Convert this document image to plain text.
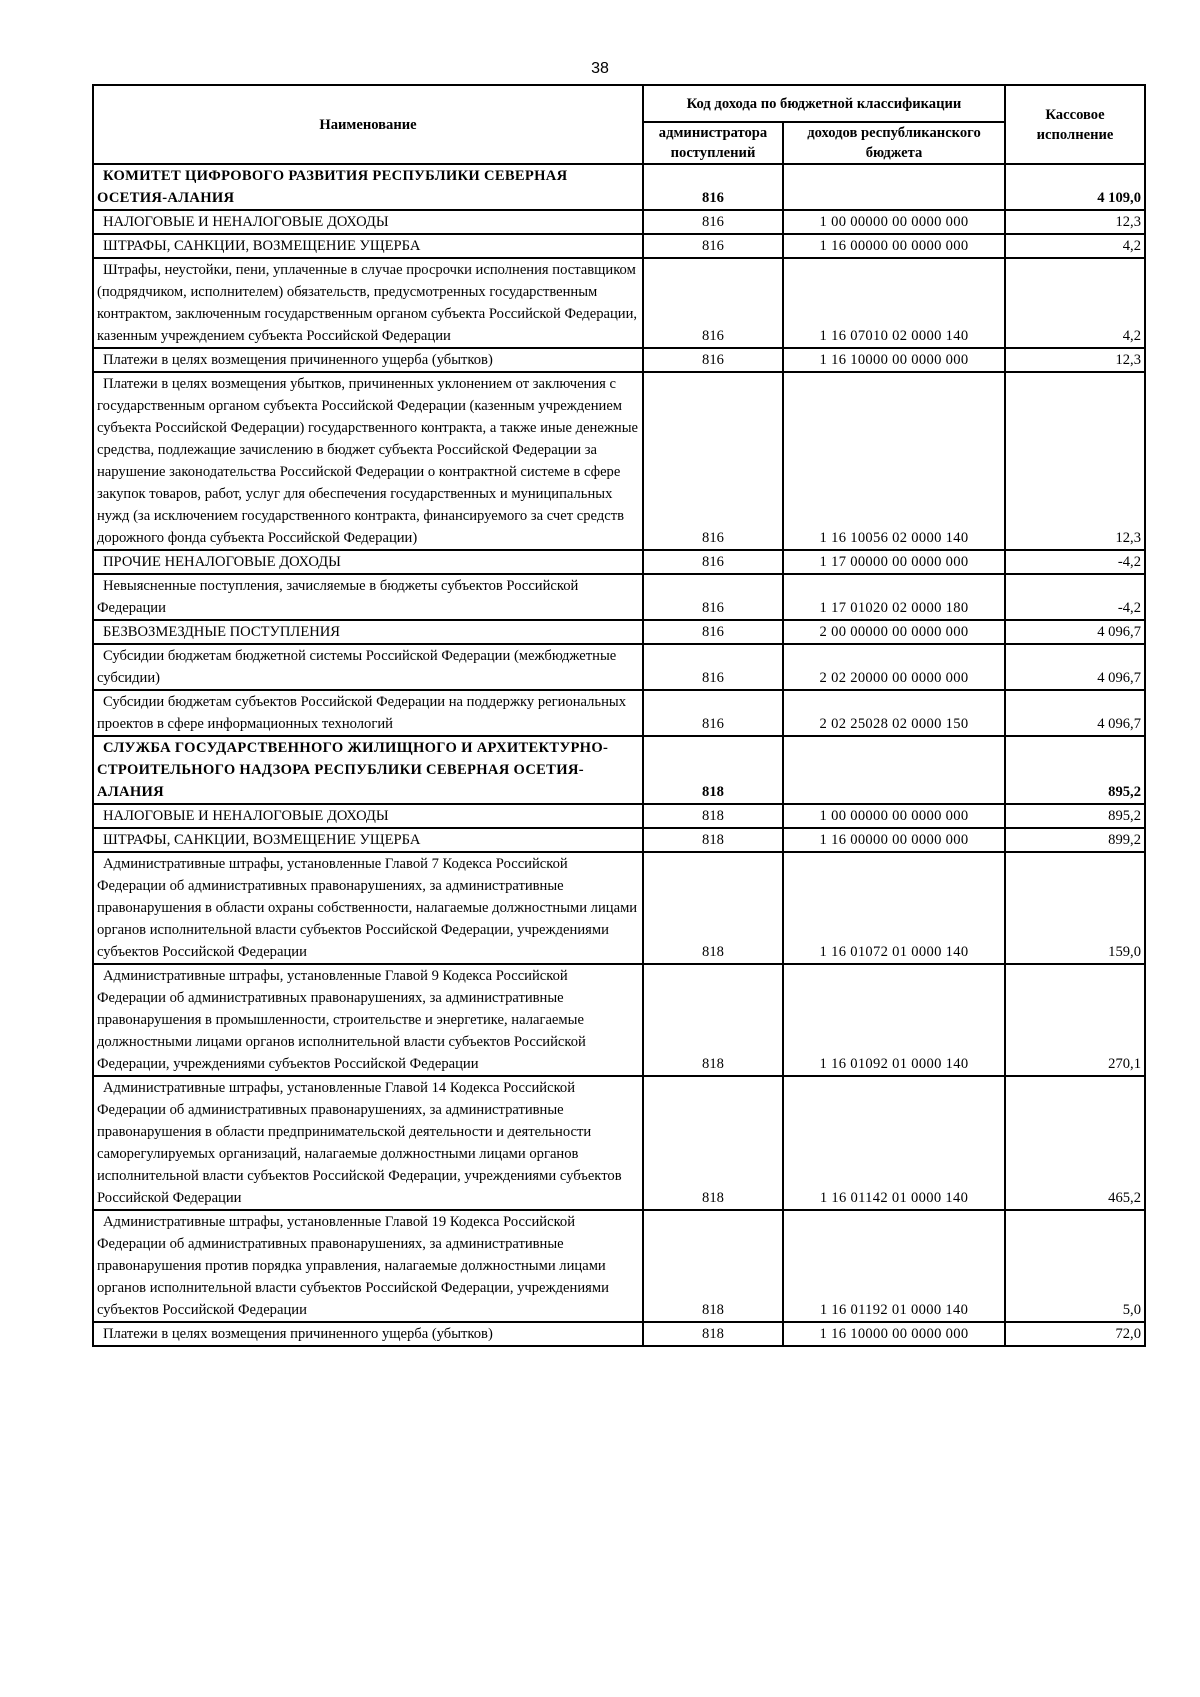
38
Наименование	Код дохода по бюджетной классификации		Кассовое исполнение
	администратора поступлений	доходов республиканского бюджета	
КОМИТЕТ ЦИФРОВОГО РАЗВИТИЯ РЕСПУБЛИКИ СЕВЕРНАЯ ОСЕТИЯ-АЛАНИЯ	816		4 109,0
НАЛОГОВЫЕ И НЕНАЛОГОВЫЕ ДОХОДЫ	816	1 00 00000 00 0000 000	12,3
ШТРАФЫ, САНКЦИИ, ВОЗМЕЩЕНИЕ УЩЕРБА	816	1 16 00000 00 0000 000	4,2
Штрафы, неустойки, пени, уплаченные в случае просрочки исполнения поставщиком (подрядчиком, исполнителем) обязательств, предусмотренных государственным контрактом, заключенным государственным органом субъекта Российской Федерации, казенным учреждением субъекта Российской Федерации	816	1 16 07010 02 0000 140	4,2
Платежи в целях возмещения причиненного ущерба (убытков)	816	1 16 10000 00 0000 000	12,3
Платежи в целях возмещения убытков, причиненных уклонением от заключения с государственным органом субъекта Российской Федерации (казенным учреждением субъекта Российской Федерации) государственного контракта, а также иные денежные средства, подлежащие зачислению в бюджет субъекта Российской Федерации за нарушение законодательства Российской Федерации о контрактной системе в сфере закупок товаров, работ, услуг для обеспечения государственных и муниципальных нужд (за исключением государственного контракта, финансируемого за счет средств дорожного фонда субъекта Российской Федерации)	816	1 16 10056 02 0000 140	12,3
ПРОЧИЕ НЕНАЛОГОВЫЕ ДОХОДЫ	816	1 17 00000 00 0000 000	-4,2
Невыясненные поступления, зачисляемые в бюджеты субъектов Российской Федерации	816	1 17 01020 02 0000 180	-4,2
БЕЗВОЗМЕЗДНЫЕ ПОСТУПЛЕНИЯ	816	2 00 00000 00 0000 000	4 096,7
Субсидии бюджетам бюджетной системы Российской Федерации (межбюджетные субсидии)	816	2 02 20000 00 0000 000	4 096,7
Субсидии бюджетам субъектов Российской Федерации на поддержку региональных проектов в сфере информационных технологий	816	2 02 25028 02 0000 150	4 096,7
СЛУЖБА ГОСУДАРСТВЕННОГО ЖИЛИЩНОГО И АРХИТЕКТУРНО-СТРОИТЕЛЬНОГО НАДЗОРА РЕСПУБЛИКИ СЕВЕРНАЯ ОСЕТИЯ-АЛАНИЯ	818		895,2
НАЛОГОВЫЕ И НЕНАЛОГОВЫЕ ДОХОДЫ	818	1 00 00000 00 0000 000	895,2
ШТРАФЫ, САНКЦИИ, ВОЗМЕЩЕНИЕ УЩЕРБА	818	1 16 00000 00 0000 000	899,2
Административные штрафы, установленные Главой 7 Кодекса Российской Федерации об административных правонарушениях, за административные правонарушения в области охраны собственности, налагаемые должностными лицами органов исполнительной власти субъектов Российской Федерации, учреждениями субъектов Российской Федерации	818	1 16 01072 01 0000 140	159,0
Административные штрафы, установленные Главой 9 Кодекса Российской Федерации об административных правонарушениях, за административные правонарушения в промышленности, строительстве и энергетике, налагаемые должностными лицами органов исполнительной власти субъектов Российской Федерации, учреждениями субъектов Российской Федерации	818	1 16 01092 01 0000 140	270,1
Административные штрафы, установленные Главой 14 Кодекса Российской Федерации об административных правонарушениях, за административные правонарушения в области предпринимательской деятельности и деятельности саморегулируемых организаций, налагаемые должностными лицами органов исполнительной власти субъектов Российской Федерации, учреждениями субъектов Российской Федерации	818	1 16 01142 01 0000 140	465,2
Административные штрафы, установленные Главой 19 Кодекса Российской Федерации об административных правонарушениях, за административные правонарушения против порядка управления, налагаемые должностными лицами органов исполнительной власти субъектов Российской Федерации, учреждениями субъектов Российской Федерации	818	1 16 01192 01 0000 140	5,0
Платежи в целях возмещения причиненного ущерба (убытков)	818	1 16 10000 00 0000 000	72,0
